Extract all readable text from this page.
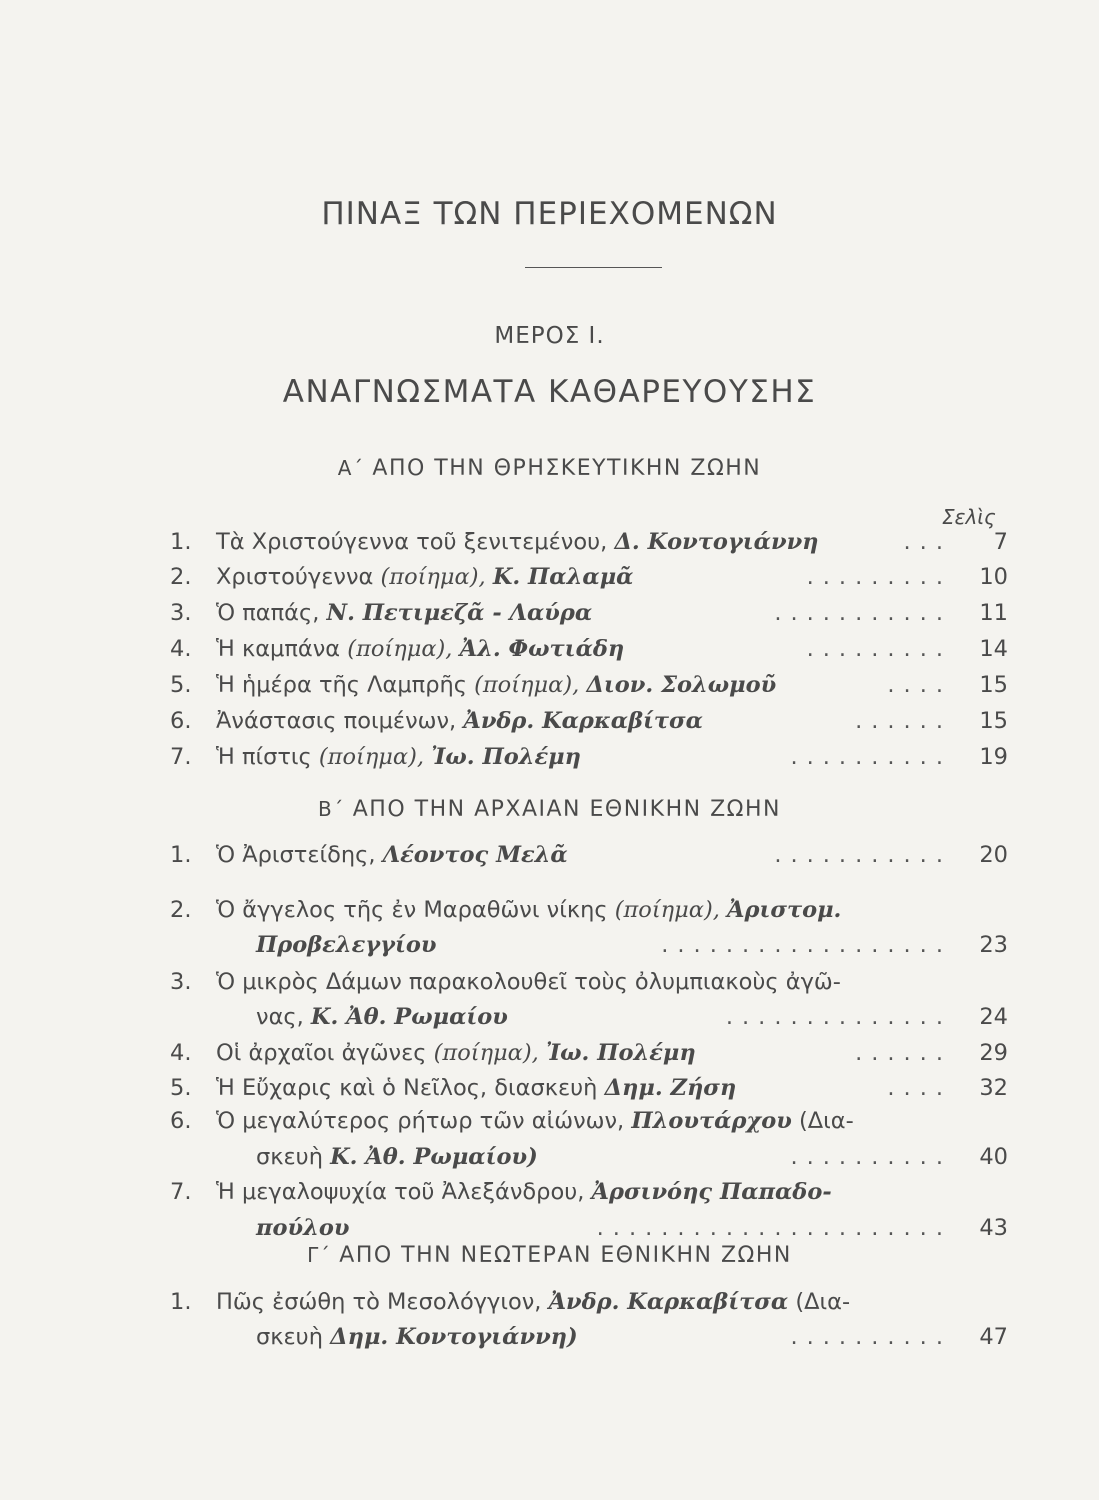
ΠΙΝΑΞ ΤΩΝ ΠΕΡΙΕΧΟΜΕΝΩΝ
ΜΕΡΟΣ Ι.
ΑΝΑΓΝΩΣΜΑΤΑ ΚΑΘΑΡΕΥΟΥΣΗΣ
Α΄ ΑΠΟ ΤΗΝ ΘΡΗΣΚΕΥΤΙΚΗΝ ΖΩΗΝ
Σελὶς
Β΄ ΑΠΟ ΤΗΝ ΑΡΧΑΙΑΝ ΕΘΝΙΚΗΝ ΖΩΗΝ
Γ΄ ΑΠΟ ΤΗΝ ΝΕΩΤΕΡΑΝ ΕΘΝΙΚΗΝ ΖΩΗΝ
1. Τὰ Χριστούγεννα τοῦ ξενιτεμένου, Δ. Κοντογιάννη	... 7
2. Χριστούγεννα (ποίημα), Κ. Παλαμᾶ	......... 10
3. Ὁ παπάς, Ν. Πετιμεζᾶ - Λαύρα	........... 11
4. Ἡ καμπάνα (ποίημα), Ἀλ. Φωτιάδη	......... 14
5. Ἡ ἡμέρα τῆς Λαμπρῆς (ποίημα), Διον. Σολωμοῦ	.... 15
6. Ἀνάστασις ποιμένων, Ἀνδρ. Καρκαβίτσα	...... 15
7. Ἡ πίστις (ποίημα), Ἰω. Πολέμη	.......... 19
1. Ὁ Ἀριστείδης, Λέοντος Μελᾶ	........... 20
2. Ὁ ἄγγελος τῆς ἐν Μαραθῶνι νίκης (ποίημα), Ἀριστομ.
Προβελεγγίου	.................. 23
3. Ὁ μικρὸς Δάμων παρακολουθεῖ τοὺς ὀλυμπιακοὺς ἀγῶ-
νας, Κ. Ἀθ. Ρωμαίου	.............. 24
4. Οἱ ἀρχαῖοι ἀγῶνες (ποίημα), Ἰω. Πολέμη	...... 29
5. Ἡ Εὔχαρις καὶ ὁ Νεῖλος, διασκευὴ Δημ. Ζήση	.... 32
6. Ὁ μεγαλύτερος ρήτωρ τῶν αἰώνων, Πλουτάρχου (Δια-
σκευὴ Κ. Ἀθ. Ρωμαίου)	.......... 40
7. Ἡ μεγαλοψυχία τοῦ Ἀλεξάνδρου, Ἀρσινόης Παπαδο-
πούλου	...................... 43
1. Πῶς ἐσώθη τὸ Μεσολόγγιον, Ἀνδρ. Καρκαβίτσα (Δια-
σκευὴ Δημ. Κοντογιάννη)	.......... 47
